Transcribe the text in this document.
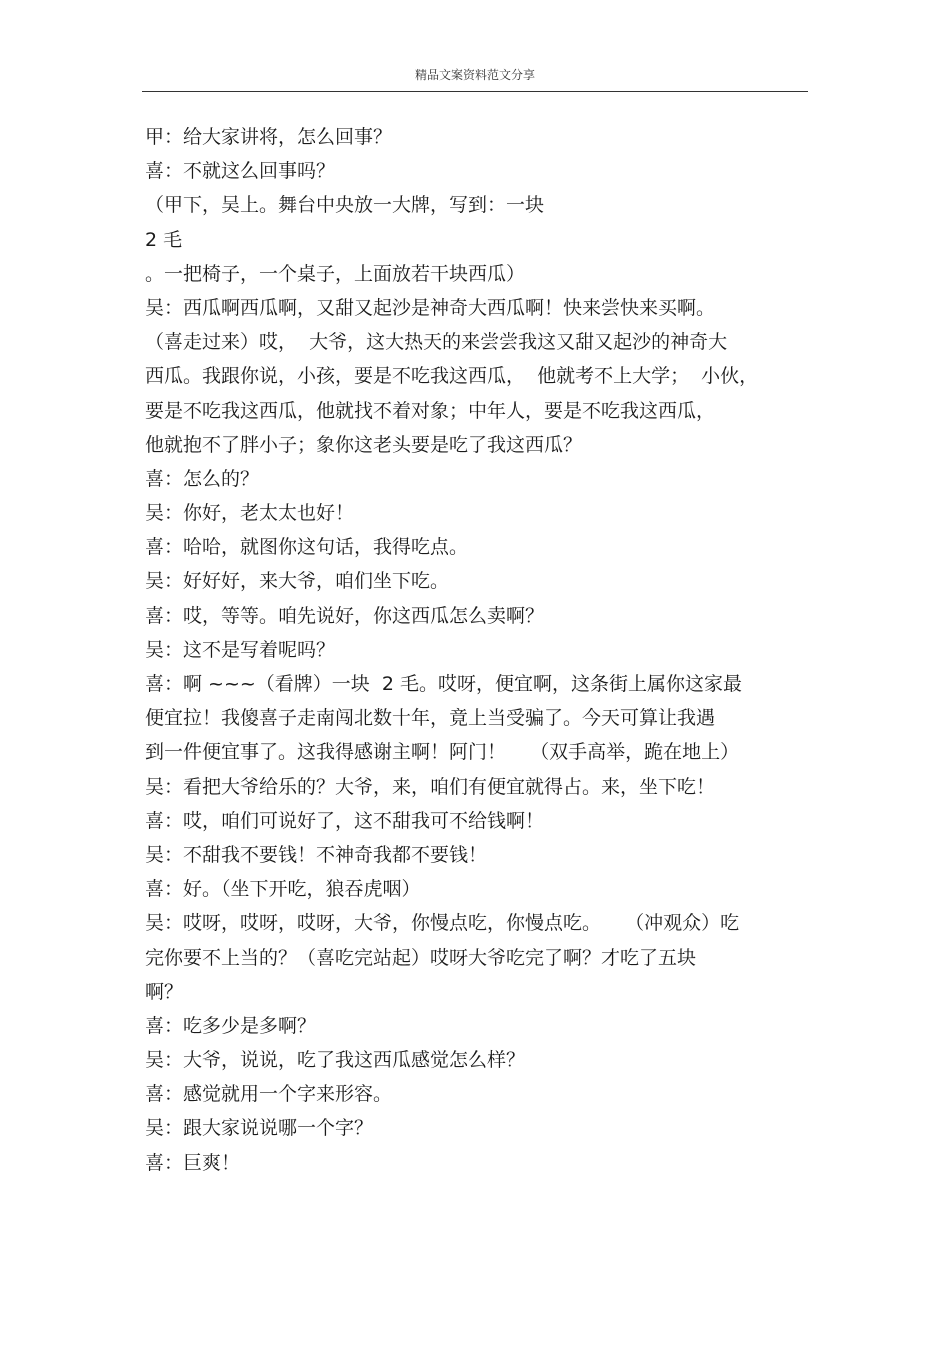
精品文案资料范文分享
甲：给大家讲将，怎么回事？
喜：不就这么回事吗？
（甲下，吴上。舞台中央放一大牌，写到：一块
2 毛
。一把椅子，一个桌子，上面放若干块西瓜）
吴：西瓜啊西瓜啊，又甜又起沙是神奇大西瓜啊！快来尝快来买啊。
（喜走过来）哎，  大爷，这大热天的来尝尝我这又甜又起沙的神奇大
西瓜。我跟你说，小孩，要是不吃我这西瓜，  他就考不上大学；  小伙，
要是不吃我这西瓜，他就找不着对象；中年人，要是不吃我这西瓜，
他就抱不了胖小子；象你这老头要是吃了我这西瓜？
喜：怎么的？
吴：你好，老太太也好！
喜：哈哈，就图你这句话，我得吃点。
吴：好好好，来大爷，咱们坐下吃。
喜：哎，等等。咱先说好，你这西瓜怎么卖啊？
吴：这不是写着呢吗？
喜：啊 ~~~（看牌）一块  2 毛。哎呀，便宜啊，这条街上属你这家最
便宜拉！我傻喜子走南闯北数十年，竟上当受骗了。今天可算让我遇
到一件便宜事了。这我得感谢主啊！阿门！    （双手高举，跪在地上）
吴：看把大爷给乐的？大爷，来，咱们有便宜就得占。来，坐下吃！
喜：哎，咱们可说好了，这不甜我可不给钱啊！
吴：不甜我不要钱！不神奇我都不要钱！
喜：好。（坐下开吃，狼吞虎咽）
吴：哎呀，哎呀，哎呀，大爷，你慢点吃，你慢点吃。    （冲观众）吃
完你要不上当的？（喜吃完站起）哎呀大爷吃完了啊？才吃了五块
啊？
喜：吃多少是多啊？
吴：大爷，说说，吃了我这西瓜感觉怎么样？
喜：感觉就用一个字来形容。
吴：跟大家说说哪一个字？
喜：巨爽！
